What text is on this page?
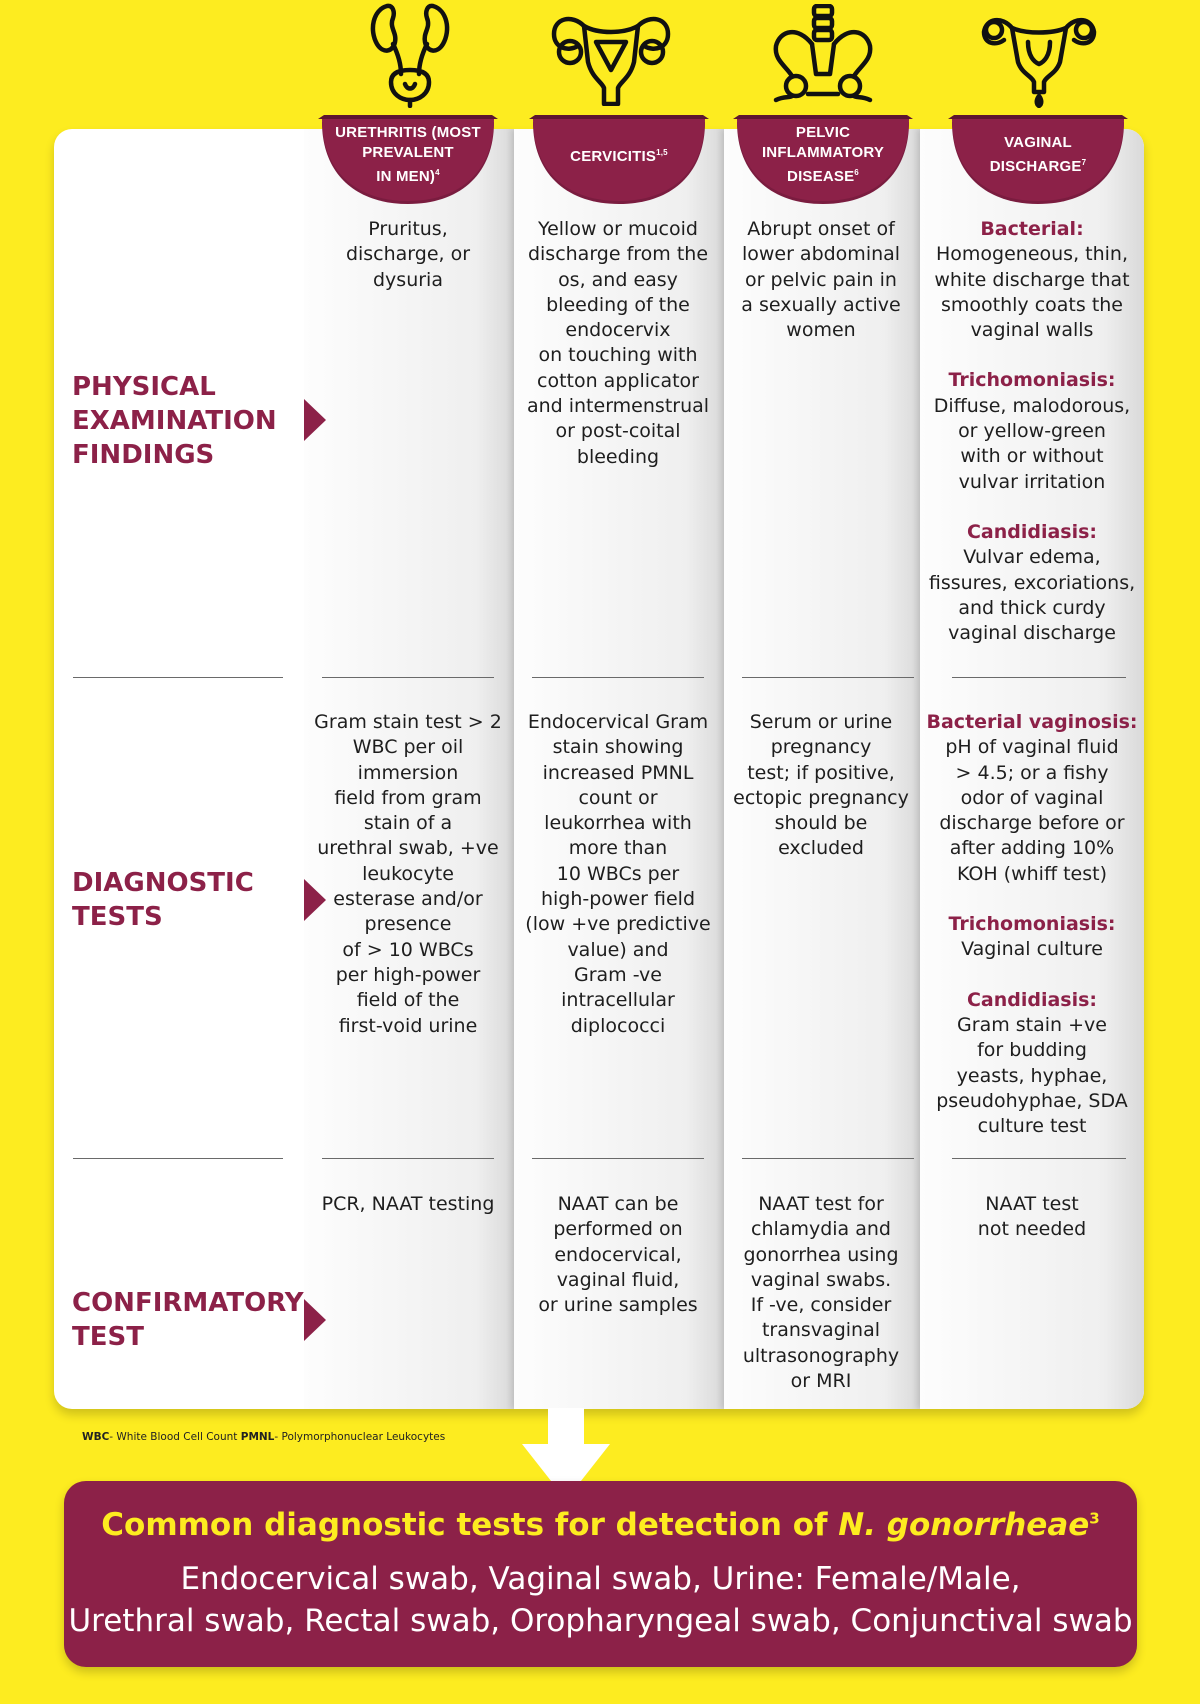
URETHRITIS (MOST
PREVALENT
IN MEN)$^4$
CERVICITIS$^{1,5}$
PELVIC
INFLAMMATORY
DISEASE$^6$
VAGINAL
DISCHARGE$^7$
PHYSICAL
EXAMINATION
FINDINGS
DIAGNOSTIC
TESTS
CONFIRMATORY
TEST

Pruritus,

discharge, or

dysuria

Yellow or mucoid

discharge from the

os, and easy

bleeding of the

endocervix

on touching with

cotton applicator

and intermenstrual

or post-coital

bleeding

Abrupt onset of

lower abdominal

or pelvic pain in

a sexually active

women

Bacterial:

Homogeneous, thin,

white discharge that

smoothly coats the

vaginal walls

Trichomoniasis:

Diffuse, malodorous,

or yellow-green

with or without

vulvar irritation

Candidiasis:

Vulvar edema,

fissures, excoriations,

and thick curdy

vaginal discharge

Gram stain test > 2

WBC per oil

immersion

field from gram

stain of a

urethral swab, +ve

leukocyte

esterase and/or

presence

of > 10 WBCs

per high-power

field of the

first-void urine

Endocervical Gram

stain showing

increased PMNL

count or

leukorrhea with

more than

10 WBCs per

high-power field

(low +ve predictive

value) and

Gram -ve

intracellular

diplococci

Serum or urine

pregnancy

test; if positive,

ectopic pregnancy

should be

excluded

Bacterial vaginosis:

pH of vaginal fluid

> 4.5; or a fishy

odor of vaginal

discharge before or

after adding 10%

KOH (whiff test)

Trichomoniasis:

Vaginal culture

Candidiasis:

Gram stain +ve

for budding

yeasts, hyphae,

pseudohyphae, SDA

culture test

PCR, NAAT testing	NAAT can be

performed on

endocervical,

vaginal fluid,

or urine samples

NAAT test for

chlamydia and

gonorrhea using

vaginal swabs.

If -ve, consider

transvaginal

ultrasonography

or MRI

NAAT test

not needed

WBC- White Blood Cell Count PMNL- Polymorphonuclear Leukocytes
Common diagnostic tests for detection of N. gonorrheae$^3$
Endocervical swab, Vaginal swab, Urine: Female/Male,
Urethral swab, Rectal swab, Oropharyngeal swab, Conjunctival swab
